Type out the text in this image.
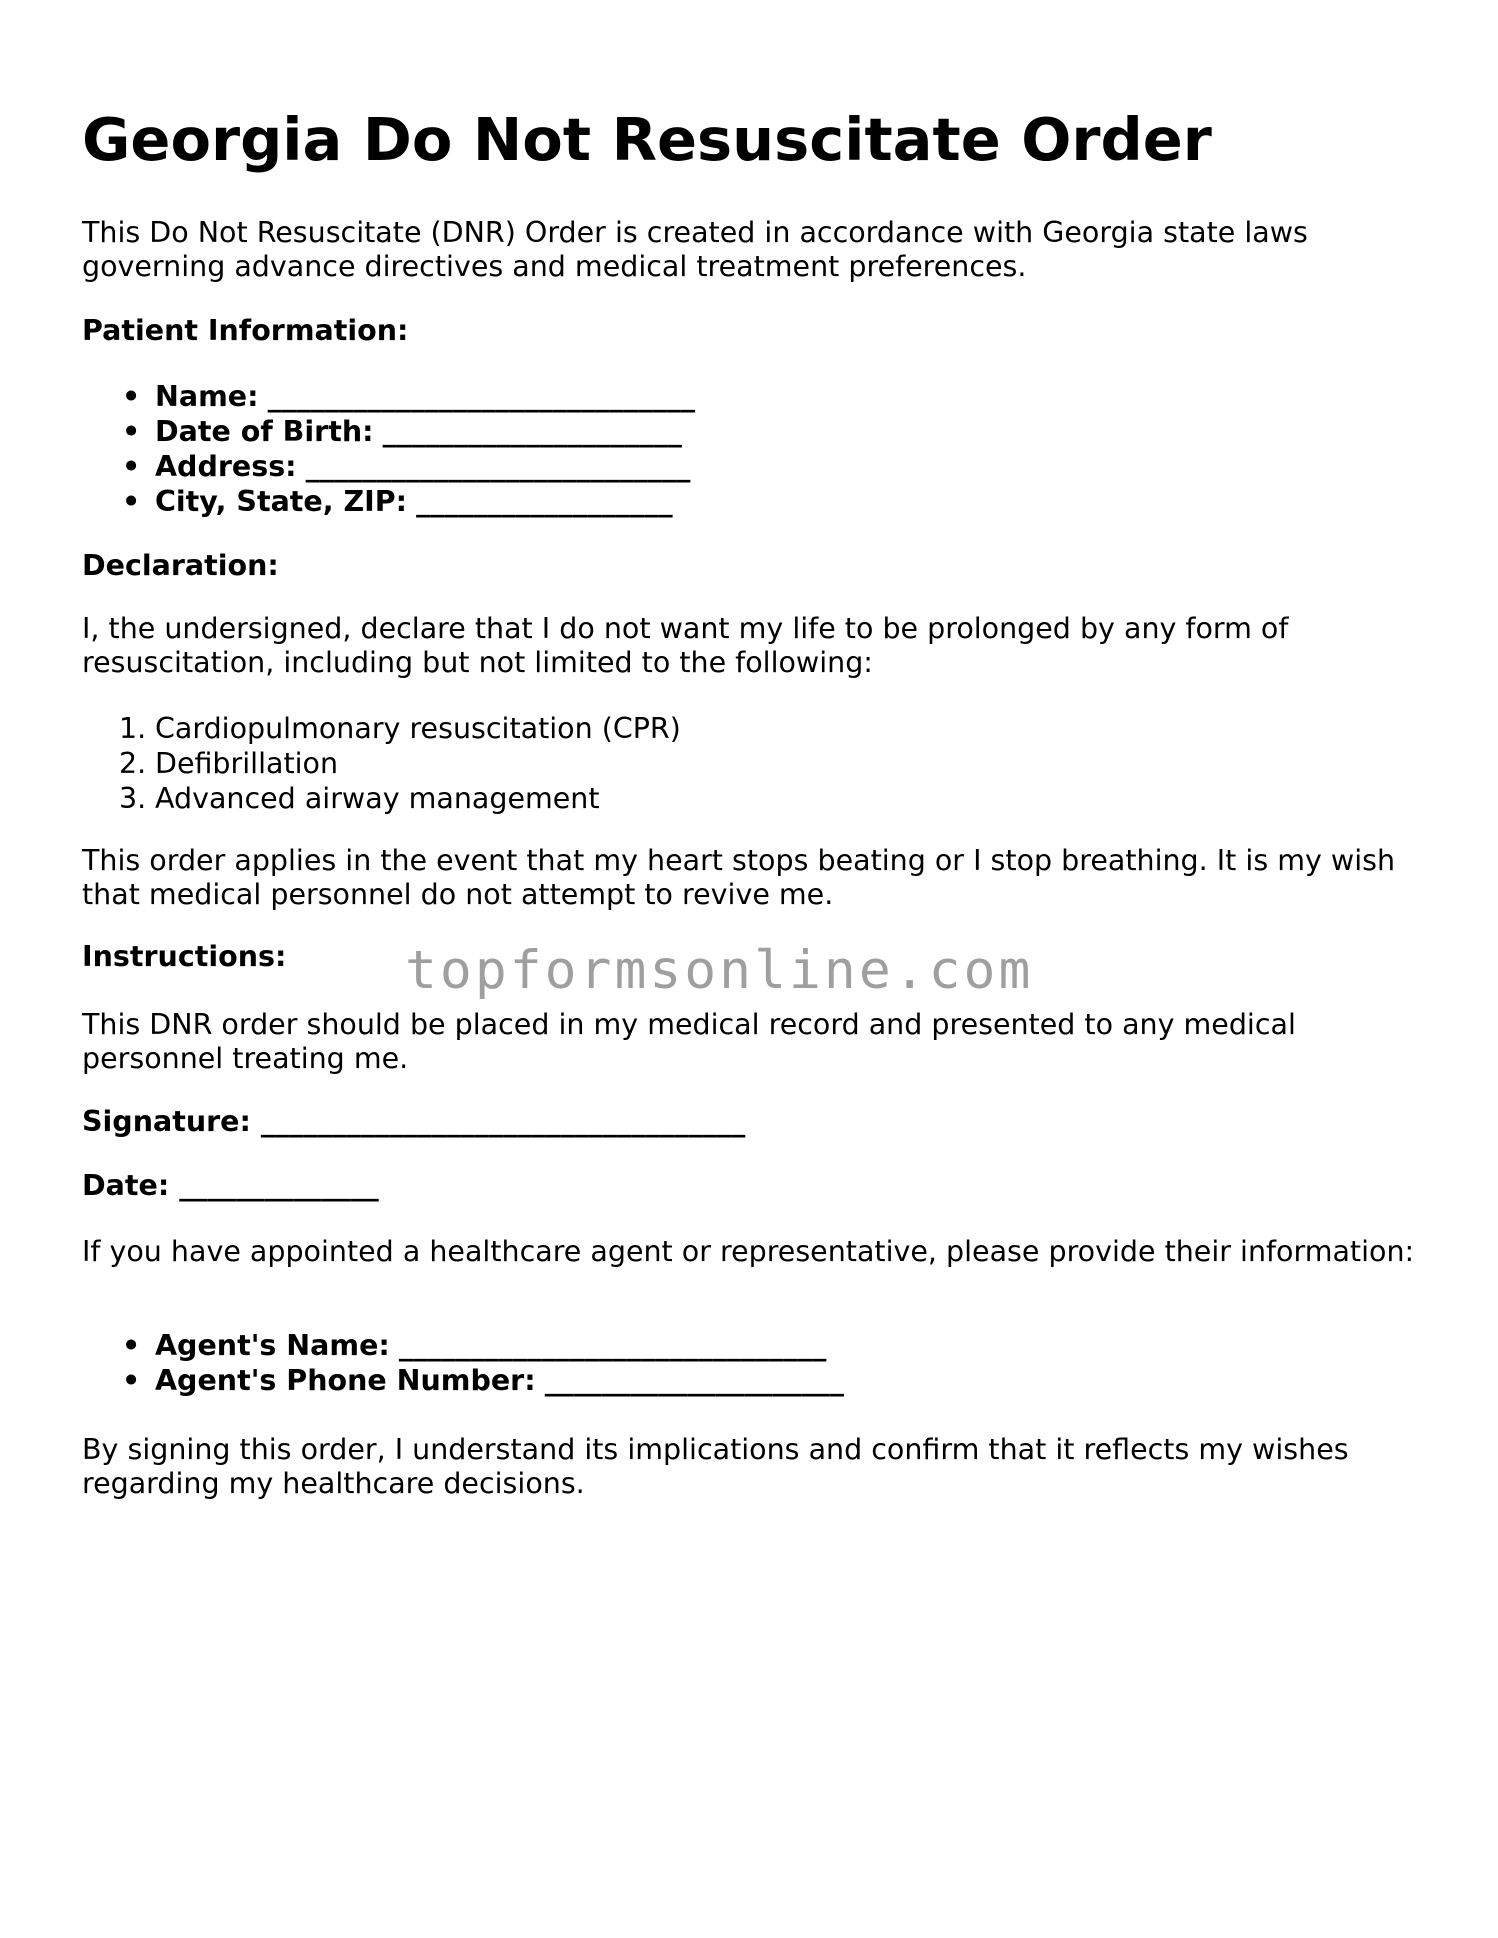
Georgia Do Not Resuscitate Order

This Do Not Resuscitate (DNR) Order is created in accordance with Georgia state laws governing advance directives and medical treatment preferences.

Patient Information:
• Name: ______________________________
• Date of Birth: _____________________
• Address: ___________________________
• City, State, ZIP: __________________
Declaration:

I, the undersigned, declare that I do not want my life to be prolonged by any form of resuscitation, including but not limited to the following:

1. Cardiopulmonary resuscitation (CPR)
2. Defibrillation
3. Advanced airway management

This order applies in the event that my heart stops beating or I stop breathing. It is my wish that medical personnel do not attempt to revive me.

Instructions:

This DNR order should be placed in my medical record and presented to any medical personnel treating me.

Signature: __________________________________
Date: ______________

If you have appointed a healthcare agent or representative, please provide their information:

• Agent's Name: ______________________________
• Agent's Phone Number: _____________________

By signing this order, I understand its implications and confirm that it reflects my wishes regarding my healthcare decisions.

topformsonline.com
